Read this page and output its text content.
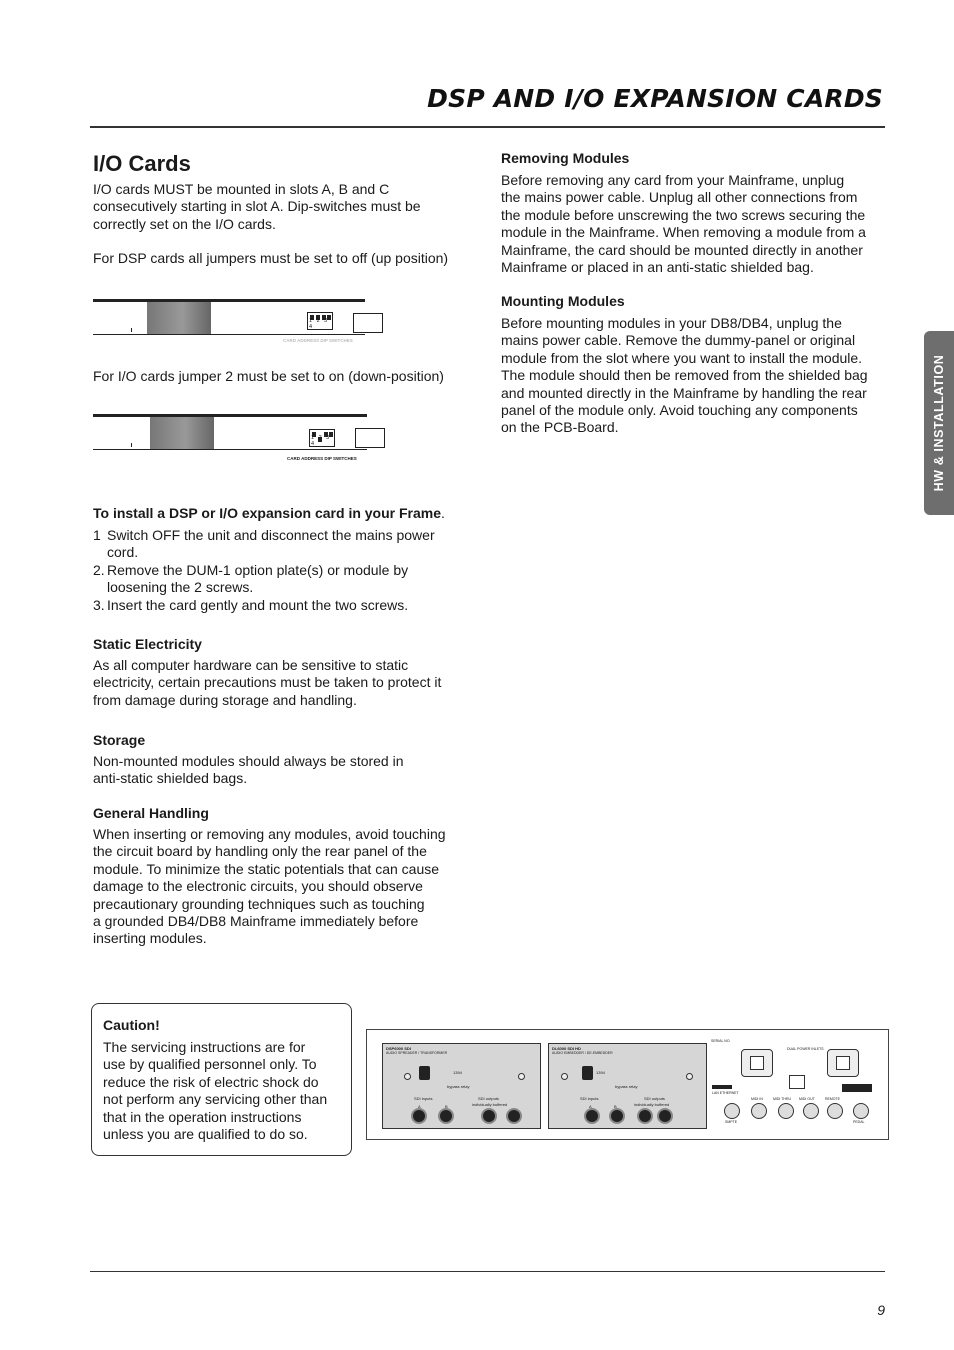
DSP AND I/O EXPANSION CARDS
HW & INSTALLATION
I/O Cards
I/O cards MUST be mounted in slots A, B and C
consecutively starting in slot A. Dip-switches must be
correctly set on the I/O cards.
For DSP cards all jumpers must be set to off (up position)
1 2 3 4
CARD ADDRESS DIP SWITCHES
For I/O cards jumper 2 must be set to on (down-position)
1 2 3 4
CARD ADDRESS DIP SWITCHES
To install a DSP or I/O expansion card in your Frame.
1 Switch OFF the unit and disconnect the mains power
cord.
2. Remove the DUM-1 option plate(s) or module by
loosening the 2 screws.
3. Insert the card gently and mount the two screws.
Static Electricity
As all computer hardware can be sensitive to static
electricity, certain precautions must be taken to protect it
from damage during storage and handling.
Storage
Non-mounted modules should always be stored in
anti-static shielded bags.
General Handling
When inserting or removing any modules, avoid touching
the circuit board by handling only the rear panel of the
module. To minimize the static potentials that can cause
damage to the electronic circuits, you should observe
precautionary grounding techniques such as touching
a grounded DB4/DB8 Mainframe immediately before
inserting modules.
Removing Modules
Before removing any card from your Mainframe, unplug
the mains power cable. Unplug all other connections from
the module before unscrewing the two screws securing the
module in the Mainframe. When removing a module from a
Mainframe, the card should be mounted directly in another
Mainframe or placed in an anti-static shielded bag.
Mounting Modules
Before mounting modules in your DB8/DB4, unplug the
mains power cable. Remove the dummy-panel or original
module from the slot where you want to install the module.
The module should then be removed from the shielded bag
and mounted directly in the Mainframe by handling the rear
panel of the module only. Avoid touching any components
on the PCB-Board.
Caution!
The servicing instructions are for
use by qualified personnel only. To
reduce the risk of electric shock do
not perform any servicing other than
that in the operation instructions
unless you are qualified to do so.
DSP6000 SDI
AUDIO SPREADER / TRANSFORMER
1394
bypass relay
SDI inputs	SDI outputs
individually buffered
A	B
DI-6000 SDI HD
AUDIO EMBEDDER / DE-EMBEDDER
1394
bypass relay
SDI inputs	SDI outputs
individually buffered
A	B
SERIAL NO.
DUAL POWER INLETS
SMPTE
MIDI IN	MIDI THRU MIDI OUT	REMOTE
PEDAL
LAN ETHERNET
9
